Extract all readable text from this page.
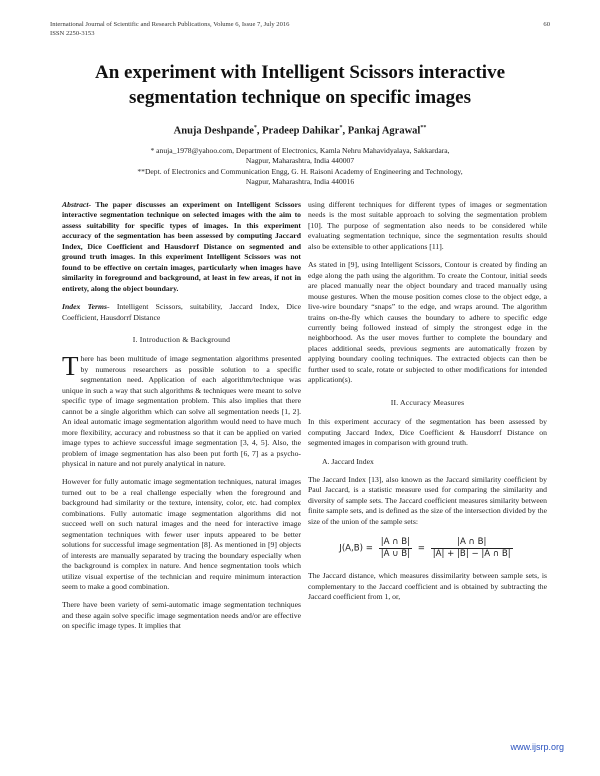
International Journal of Scientific and Research Publications, Volume 6, Issue 7, July 2016
ISSN 2250-3153
60
An experiment with Intelligent Scissors interactive segmentation technique on specific images
Anuja Deshpande*, Pradeep Dahikar*, Pankaj Agrawal**
* anuja_1978@yahoo.com, Department of Electronics, Kamla Nehru Mahavidyalaya, Sakkardara,
Nagpur, Maharashtra, India 440007
**Dept. of Electronics and Communication Engg, G. H. Raisoni Academy of Engineering and Technology,
Nagpur, Maharashtra, India 440016

Abstract- The paper discusses an experiment on Intelligent Scissors interactive segmentation technique on selected images with the aim to assess suitability for specific types of images. In this experiment accuracy of the segmentation has been assessed by computing Jaccard Index, Dice Coefficient and Hausdorrf Distance on segmented and ground truth images. In this experiment Intelligent Scissors was not found to be effective on certain images, particularly when images have similarity in foreground and background, at least in few areas, if not in entirety, along the object boundary.

Index Terms- Intelligent Scissors, suitability, Jaccard Index, Dice Coefficient, Hausdorrf Distance

I. Introduction & Background

There has been multitude of image segmentation algorithms presented by numerous researchers as possible solution to a specific segmentation need. Application of each algorithm/technique was unique in such a way that such algorithms & techniques were meant to solve specific type of image segmentation problem. This also implies that there cannot be a single algorithm which can solve all segmentation needs [1, 2]. An ideal automatic image segmentation algorithm would need to have much more flexibility, accuracy and robustness so that it can be applied on varied image types to achieve successful image segmentation [3, 4, 5]. Also, the problem of image segmentation has also been put forth [6, 7] as a psycho-physical in nature and not purely analytical in nature.

However for fully automatic image segmentation techniques, natural images turned out to be a real challenge especially when the foreground and background had similarity or the texture, intensity, color, etc. had complex combinations. Fully automatic image segmentation algorithms did not succeed well on such natural images and the need for interactive image segmentation techniques with fewer user inputs appeared to be better solutions for successful image segmentation [8]. As mentioned in [9] objects of interests are manually separated by tracing the boundary especially when the background is complex in nature. And hence segmentation tools which utilize visual expertise of the technician and require minimum interaction seem to make a good combination.

There have been variety of semi-automatic image segmentation techniques and these again solve specific image segmentation needs and/or are effective on specific image types. It implies that

using different techniques for different types of images or segmentation needs is the most suitable approach to solving the segmentation problem [10]. The purpose of segmentation also needs to be considered while evaluating segmentation technique, since the segmentation results should also be extensible to other applications [11].

As stated in [9], using Intelligent Scissors, Contour is created by finding an edge along the path using the algorithm. To create the Contour, initial seeds are placed manually near the object boundary and traced manually using mouse gestures. When the mouse position comes close to the object edge, a live-wire boundary “snaps” to the edge, and wraps around. The algorithm trains on-the-fly which causes the boundary to adhere to specific edge currently being followed instead of simply the strongest edge in the neighborhood. As the user moves further to complete the boundary and places additional seeds, previous segments are automatically frozen by applying boundary cooling techniques. The extracted objects can then be further used to scale, rotate or subjected to other modifications for intended application(s).

II. Accuracy Measures

In this experiment accuracy of the segmentation has been assessed by computing Jaccard Index, Dice Coefficient & Hausdorrf Distance on segmented images in comparison with ground truth.

A. Jaccard Index

The Jaccard Index [13], also known as the Jaccard similarity coefficient by Paul Jaccard, is a statistic measure used for comparing the similarity and diversity of sample sets. The Jaccard coefficient measures similarity between finite sample sets, and is defined as the size of the intersection divided by the size of the union of the sample sets:

$J(A,B) = \frac{|A \cap B|}{|A \cup B|} = \frac{|A \cap B|}{|A| + |B| - |A \cap B|}$

The Jaccard distance, which measures dissimilarity between sample sets, is complementary to the Jaccard coefficient and is obtained by subtracting the Jaccard coefficient from 1, or,

www.ijsrp.org
